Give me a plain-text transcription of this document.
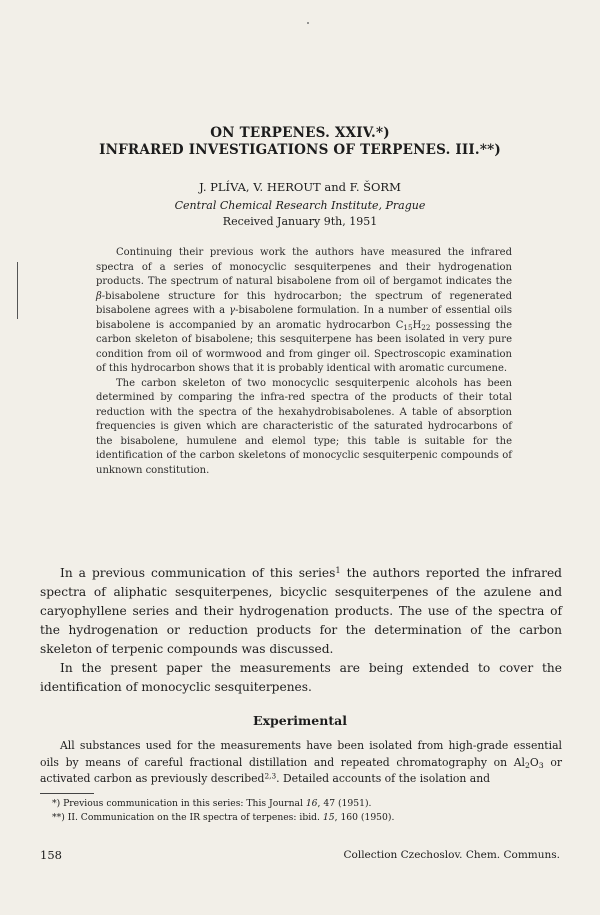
ON TERPENES. XXIV.*)
INFRARED INVESTIGATIONS OF TERPENES. III.**)
J. PLÍVA, V. HEROUT and F. ŠORM
Central Chemical Research Institute, Prague
Received January 9th, 1951

Continuing their previous work the authors have measured the infrared spectra of a series of monocyclic sesquiterpenes and their hydrogenation products. The spectrum of natural bisabolene from oil of bergamot indicates the β-bisabolene structure for this hydrocarbon; the spectrum of regenerated bisabolene agrees with a γ-bisabolene formulation. In a number of essential oils bisabolene is accompanied by an aromatic hydrocarbon $C_{15}H_{22}$ possessing the carbon skeleton of bisabolene; this sesquiterpene has been isolated in very pure condition from oil of wormwood and from ginger oil. Spectroscopic examination of this hydrocarbon shows that it is probably identical with aromatic curcumene.

The carbon skeleton of two monocyclic sesquiterpenic alcohols has been determined by comparing the infra-red spectra of the products of their total reduction with the spectra of the hexahydrobisabolenes. A table of absorption frequencies is given which are characteristic of the saturated hydrocarbons of the bisabolene, humulene and elemol type; this table is suitable for the identification of the carbon skeletons of monocyclic sesquiterpenic compounds of unknown constitution.

In a previous communication of this series$^1$ the authors reported the infrared spectra of aliphatic sesquiterpenes, bicyclic sesquiterpenes of the azulene and caryophyllene series and their hydrogenation products. The use of the spectra of the hydrogenation or reduction products for the determination of the carbon skeleton of terpenic compounds was discussed.

In the present paper the measurements are being extended to cover the identification of monocyclic sesquiterpenes.

Experimental

All substances used for the measurements have been isolated from high-grade essential oils by means of careful fractional distillation and repeated chromatography on $Al_2O_3$ or activated carbon as previously described$^{2,3}$. Detailed accounts of the isolation and

*) Previous communication in this series: This Journal 16, 47 (1951).
**) II. Communication on the IR spectra of terpenes: ibid. 15, 160 (1950).
158	Collection Czechoslov. Chem. Communs.
